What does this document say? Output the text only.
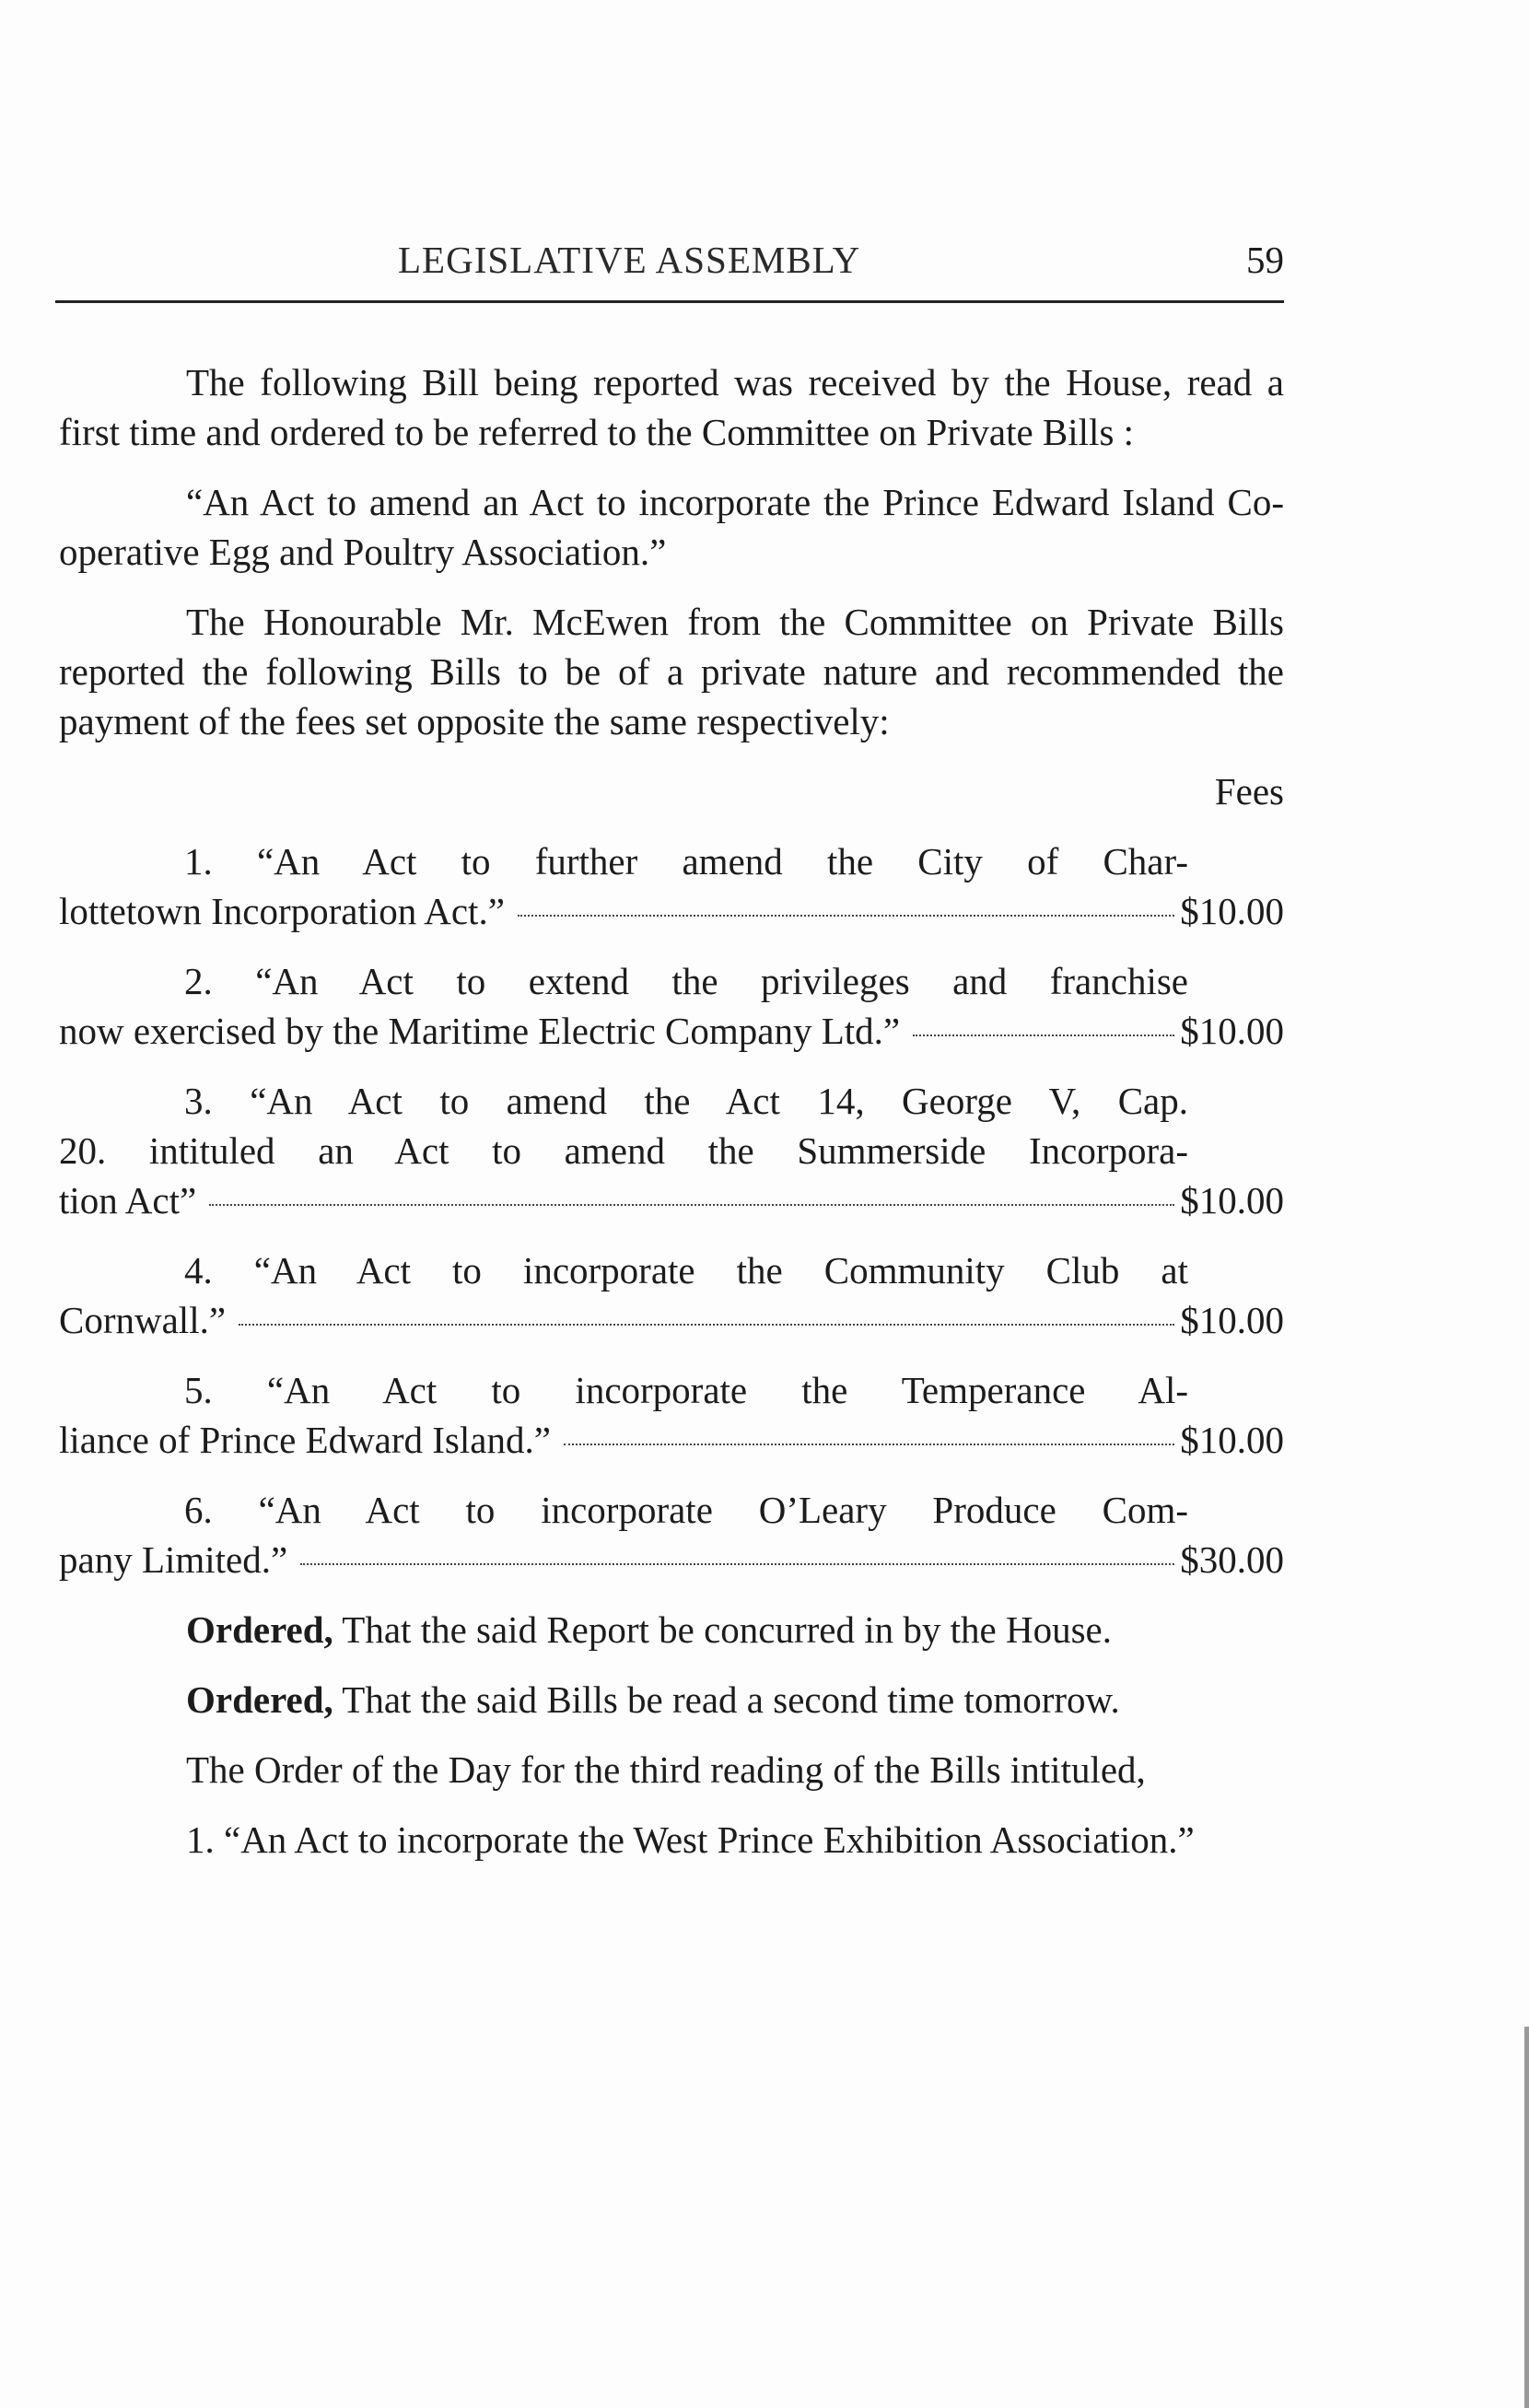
LEGISLATIVE ASSEMBLY	59

The following Bill being reported was received by the House, read a first time and ordered to be referred to the Committee on Private Bills :

“An Act to amend an Act to incorporate the Prince Edward Island Co-operative Egg and Poultry Association.”

The Honourable Mr. McEwen from the Committee on Private Bills reported the following Bills to be of a private nature and recommended the payment of the fees set opposite the same respectively:

Fees
1. “An Act to further amend the City of Char-
lottetown Incorporation Act.”	$10.00
2. “An Act to extend the privileges and franchise
now exercised by the Maritime Electric Company Ltd.”	$10.00
3. “An Act to amend the Act 14, George V, Cap.
20. intituled an Act to amend the Summerside Incorpora-
tion Act”	$10.00
4. “An Act to incorporate the Community Club at
Cornwall.”	$10.00
5. “An Act to incorporate the Temperance Al-
liance of Prince Edward Island.”	$10.00
6. “An Act to incorporate O’Leary Produce Com-
pany Limited.”	$30.00

Ordered, That the said Report be concurred in by the House.

Ordered, That the said Bills be read a second time tomorrow.

The Order of the Day for the third reading of the Bills intituled,

1. “An Act to incorporate the West Prince Exhibition Association.”
